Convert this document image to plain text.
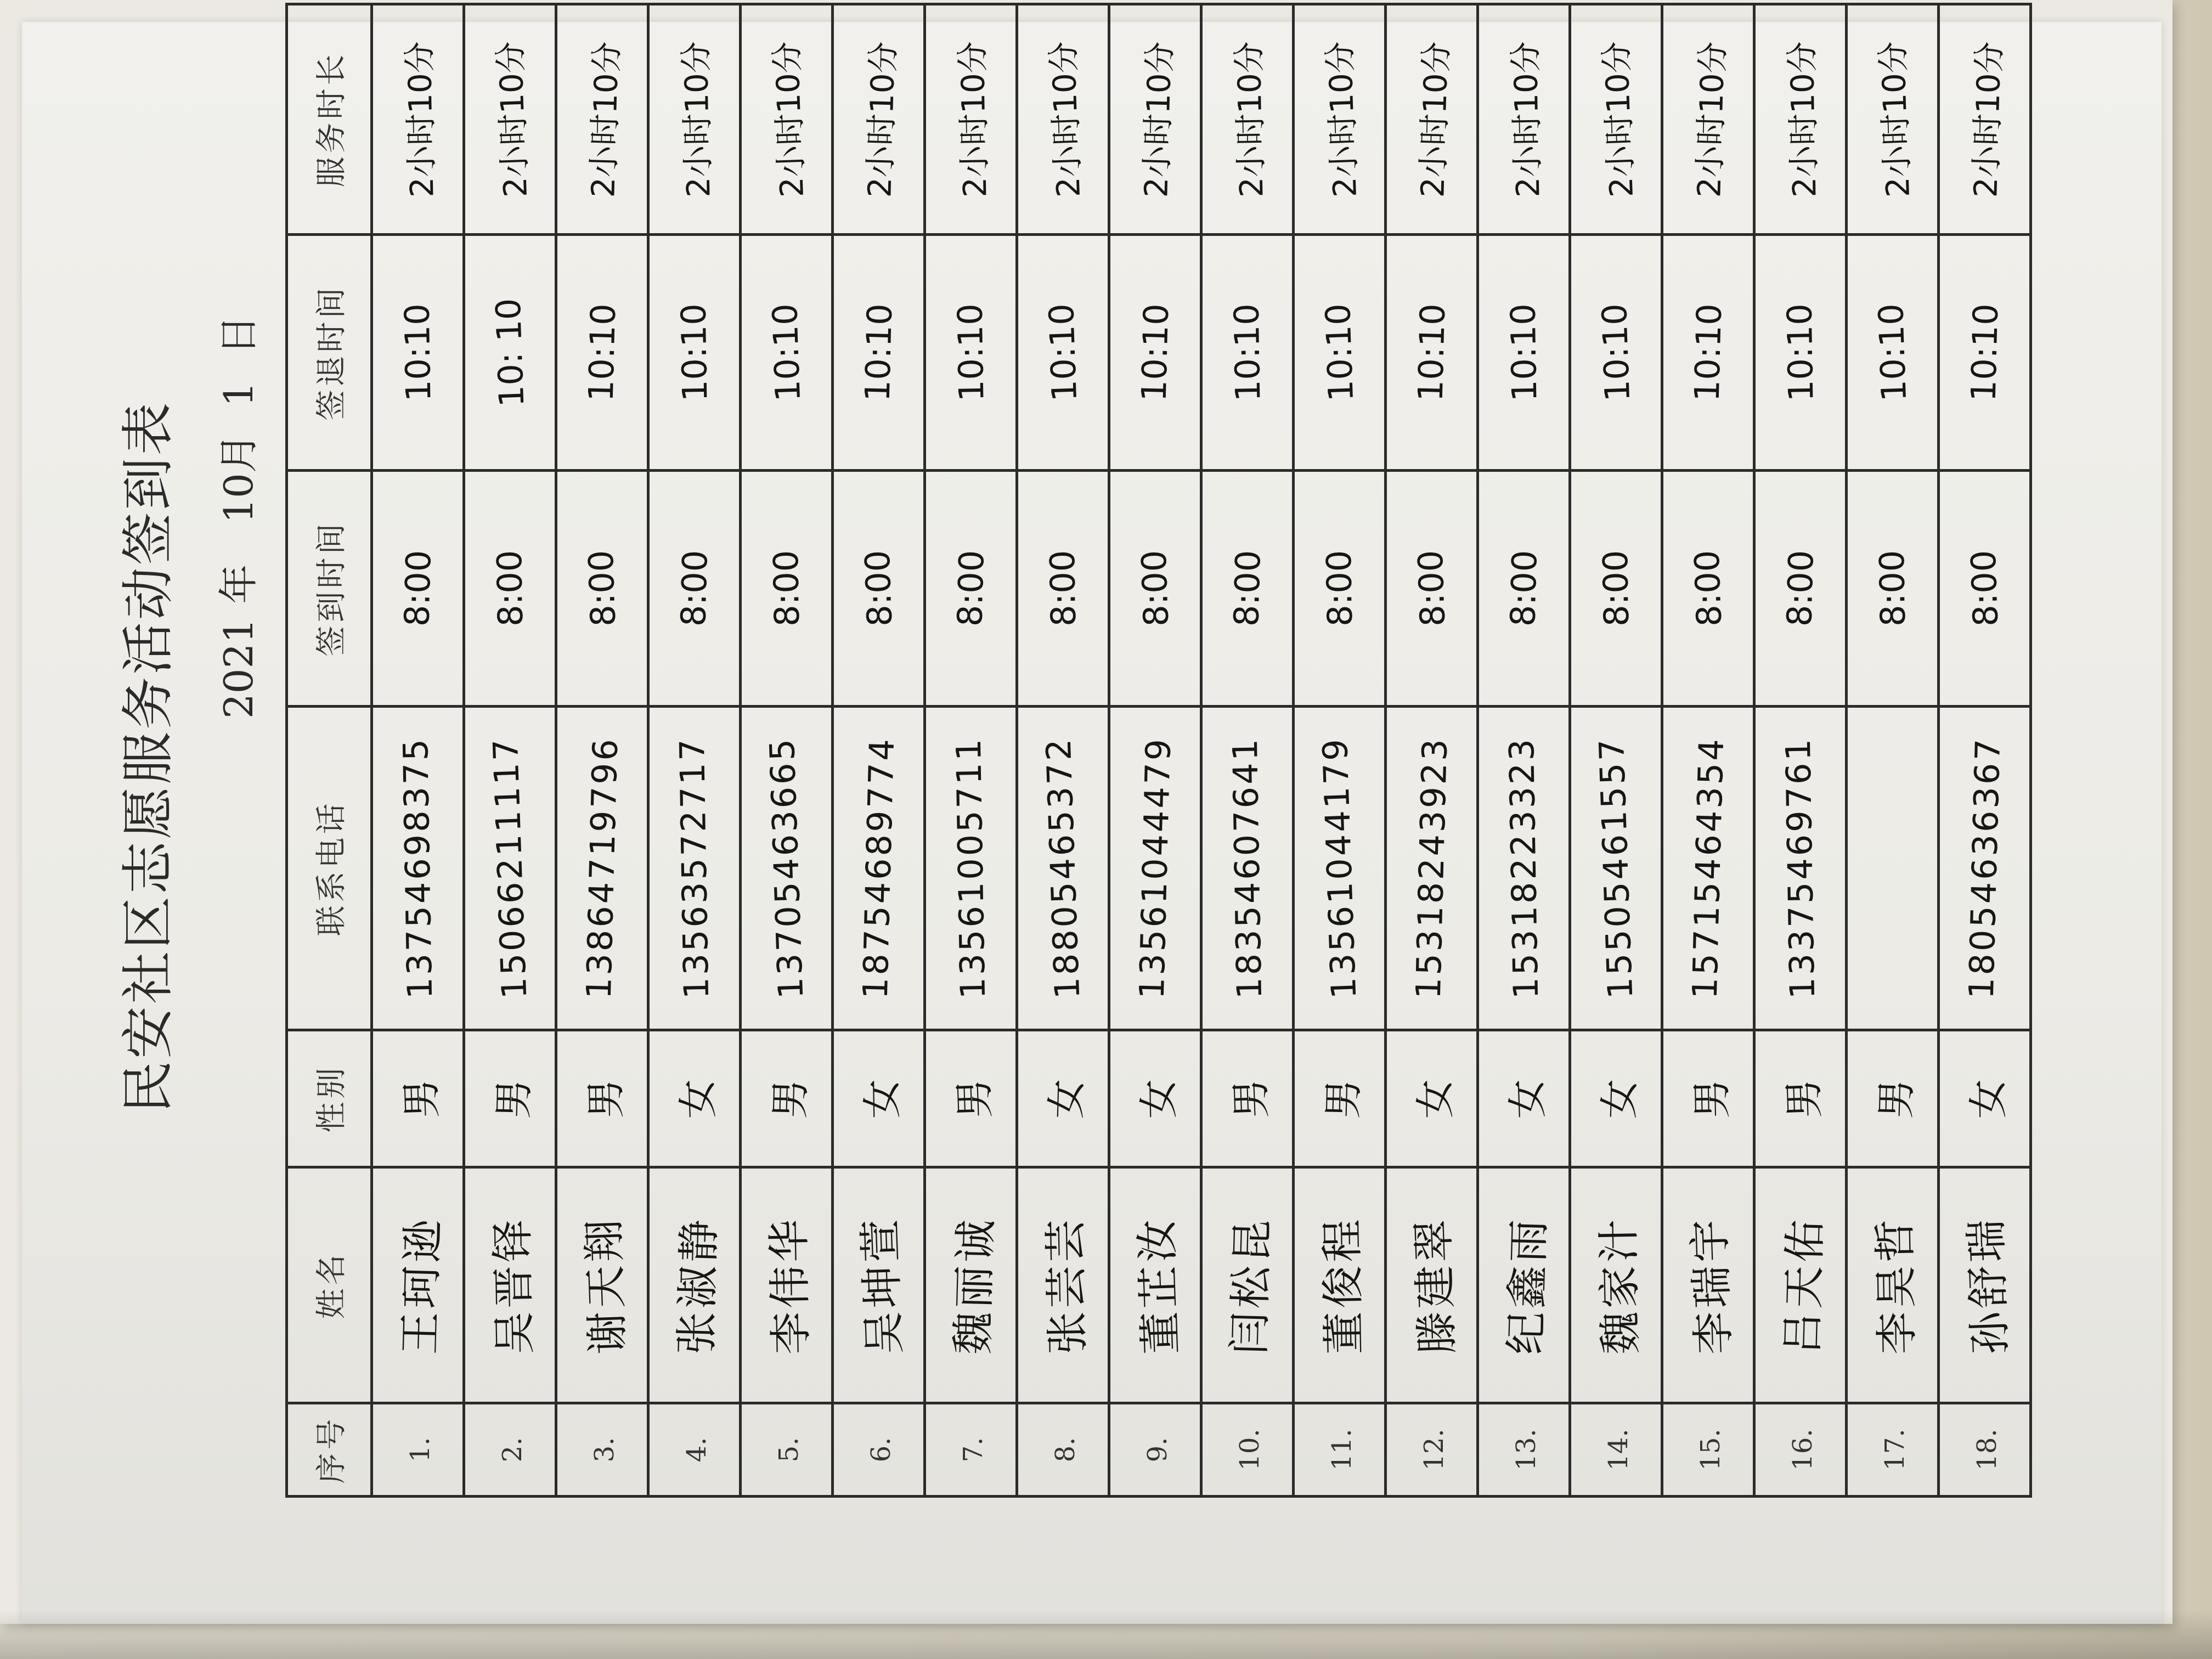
民安社区志愿服务活动签到表 2021年 10月 1 日
序号	姓名	性别	联系电话	签到时间	签退时间	服务时长
1.	王珂逊	男	13754698375	8:00	10:10	2小时10分
2.	吴晋铎	男	15066211117	8:00	10: 10	2小时10分
3.	谢天翔	男	13864719796	8:00	10:10	2小时10分
4.	张淑静	女	13563572717	8:00	10:10	2小时10分
5.	李伟华	男	13705463665	8:00	10:10	2小时10分
6.	吴坤萱	女	18754689774	8:00	10:10	2小时10分
7.	魏丽诚	男	13561005711	8:00	10:10	2小时10分
8.	张芸芸	女	18805465372	8:00	10:10	2小时10分
9.	董芷汝	女	13561044479	8:00	10:10	2小时10分
10.	闫松昆	男	18354607641	8:00	10:10	2小时10分
11.	董俊程	男	13561044179	8:00	10:10	2小时10分
12.	滕建翠	女	15318243923	8:00	10:10	2小时10分
13.	纪鑫雨	女	15318223323	8:00	10:10	2小时10分
14.	魏家汁	女	15505461557	8:00	10:10	2小时10分
15.	李瑞宇	男	15715464354	8:00	10:10	2小时10分
16.	吕天佑	男	13375469761	8:00	10:10	2小时10分
17.	李昊哲	男		8:00	10:10	2小时10分
18.	孙舒瑞	女	18054636367	8:00	10:10	2小时10分
